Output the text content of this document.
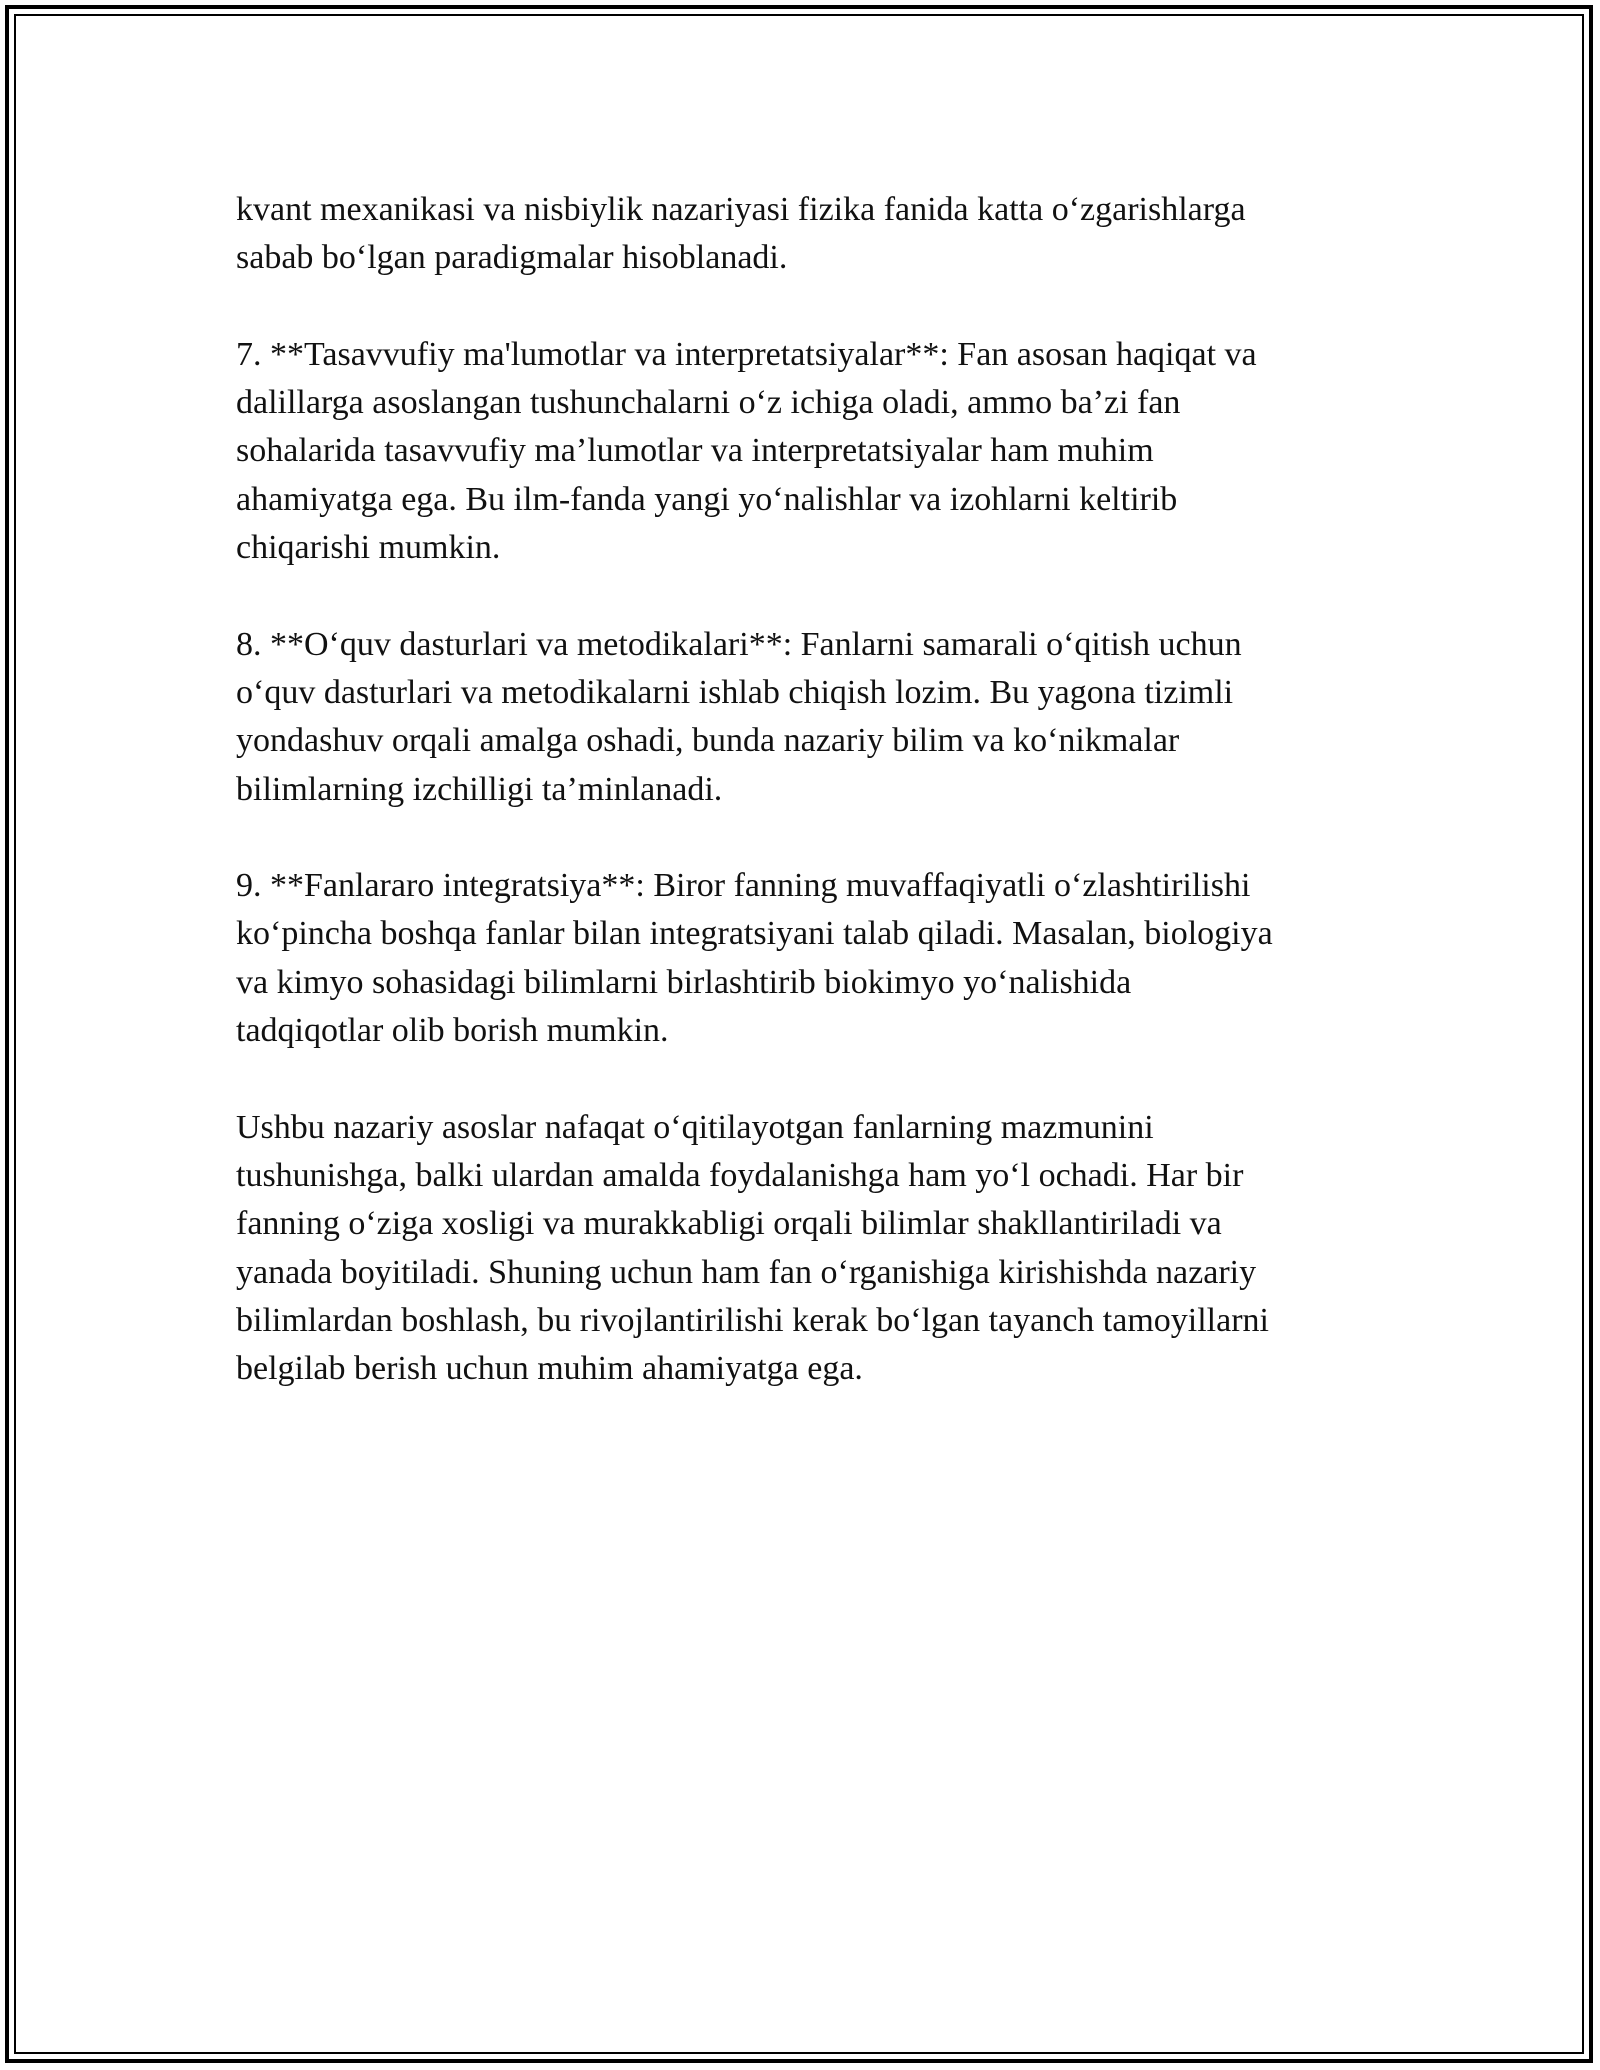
kvant mexanikasi va nisbiylik nazariyasi fizika fanida katta o‘zgarishlarga
sabab bo‘lgan paradigmalar hisoblanadi.
7. **Tasavvufiy ma'lumotlar va interpretatsiyalar**: Fan asosan haqiqat va
dalillarga asoslangan tushunchalarni o‘z ichiga oladi, ammo ba’zi fan
sohalarida tasavvufiy ma’lumotlar va interpretatsiyalar ham muhim
ahamiyatga ega. Bu ilm-fanda yangi yo‘nalishlar va izohlarni keltirib
chiqarishi mumkin.
8. **O‘quv dasturlari va metodikalari**: Fanlarni samarali o‘qitish uchun
o‘quv dasturlari va metodikalarni ishlab chiqish lozim. Bu yagona tizimli
yondashuv orqali amalga oshadi, bunda nazariy bilim va ko‘nikmalar
bilimlarning izchilligi ta’minlanadi.
9. **Fanlararo integratsiya**: Biror fanning muvaffaqiyatli o‘zlashtirilishi
ko‘pincha boshqa fanlar bilan integratsiyani talab qiladi. Masalan, biologiya
va kimyo sohasidagi bilimlarni birlashtirib biokimyo yo‘nalishida
tadqiqotlar olib borish mumkin.
Ushbu nazariy asoslar nafaqat o‘qitilayotgan fanlarning mazmunini
tushunishga, balki ulardan amalda foydalanishga ham yo‘l ochadi. Har bir
fanning o‘ziga xosligi va murakkabligi orqali bilimlar shakllantiriladi va
yanada boyitiladi. Shuning uchun ham fan o‘rganishiga kirishishda nazariy
bilimlardan boshlash, bu rivojlantirilishi kerak bo‘lgan tayanch tamoyillarni
belgilab berish uchun muhim ahamiyatga ega.
